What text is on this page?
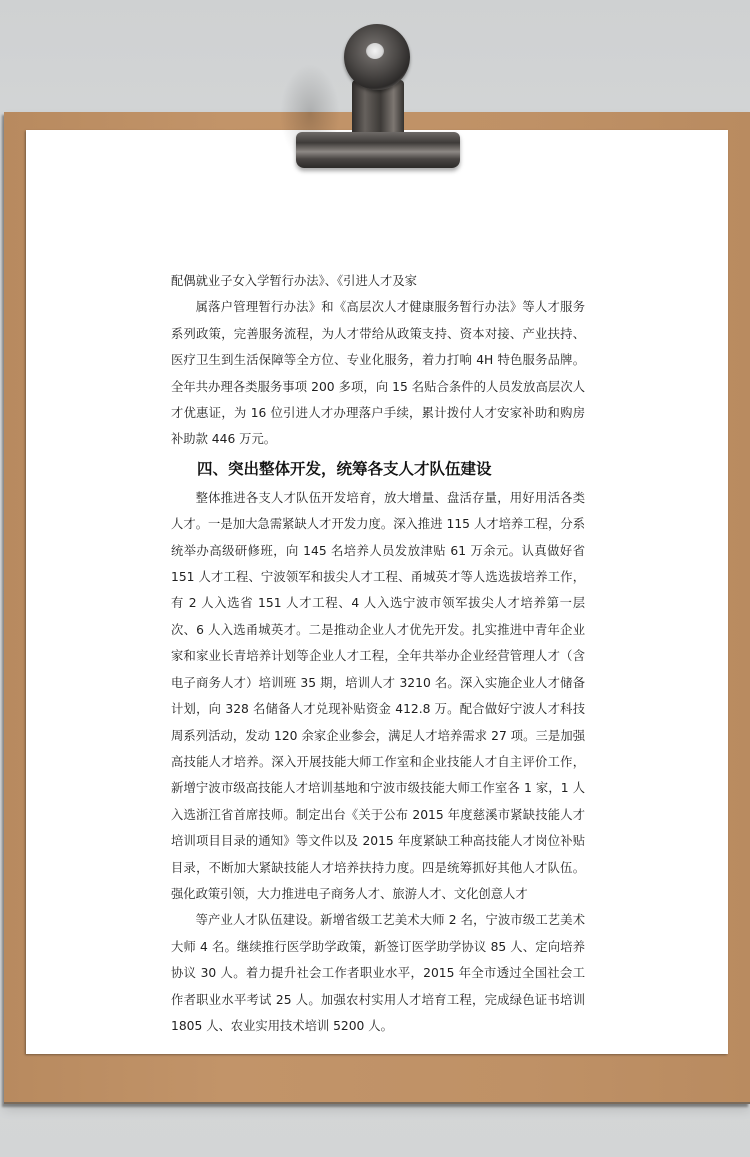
配偶就业子女入学暂行办法》、《引进人才及家

属落户管理暂行办法》和《高层次人才健康服务暂行办法》等人才服务系列政策，完善服务流程，为人才带给从政策支持、资本对接、产业扶持、医疗卫生到生活保障等全方位、专业化服务，着力打响 4H 特色服务品牌。全年共办理各类服务事项 200 多项，向 15 名贴合条件的人员发放高层次人才优惠证，为 16 位引进人才办理落户手续，累计拨付人才安家补助和购房补助款 446 万元。

四、突出整体开发，统筹各支人才队伍建设

整体推进各支人才队伍开发培育，放大增量、盘活存量，用好用活各类人才。一是加大急需紧缺人才开发力度。深入推进 115 人才培养工程，分系统举办高级研修班，向 145 名培养人员发放津贴 61 万余元。认真做好省 151 人才工程、宁波领军和拔尖人才工程、甬城英才等人选选拔培养工作，有 2 人入选省 151 人才工程、4 人入选宁波市领军拔尖人才培养第一层次、6 人入选甬城英才。二是推动企业人才优先开发。扎实推进中青年企业家和家业长青培养计划等企业人才工程，全年共举办企业经营管理人才（含电子商务人才）培训班 35 期，培训人才 3210 名。深入实施企业人才储备计划，向 328 名储备人才兑现补贴资金 412.8 万。配合做好宁波人才科技周系列活动，发动 120 余家企业参会，满足人才培养需求 27 项。三是加强高技能人才培养。深入开展技能大师工作室和企业技能人才自主评价工作，新增宁波市级高技能人才培训基地和宁波市级技能大师工作室各 1 家，1 人入选浙江省首席技师。制定出台《关于公布 2015 年度慈溪市紧缺技能人才培训项目目录的通知》等文件以及 2015 年度紧缺工种高技能人才岗位补贴目录，不断加大紧缺技能人才培养扶持力度。四是统筹抓好其他人才队伍。强化政策引领，大力推进电子商务人才、旅游人才、文化创意人才

等产业人才队伍建设。新增省级工艺美术大师 2 名，宁波市级工艺美术大师 4 名。继续推行医学助学政策，新签订医学助学协议 85 人、定向培养协议 30 人。着力提升社会工作者职业水平，2015 年全市透过全国社会工作者职业水平考试 25 人。加强农村实用人才培育工程，完成绿色证书培训 1805 人、农业实用技术培训 5200 人。
